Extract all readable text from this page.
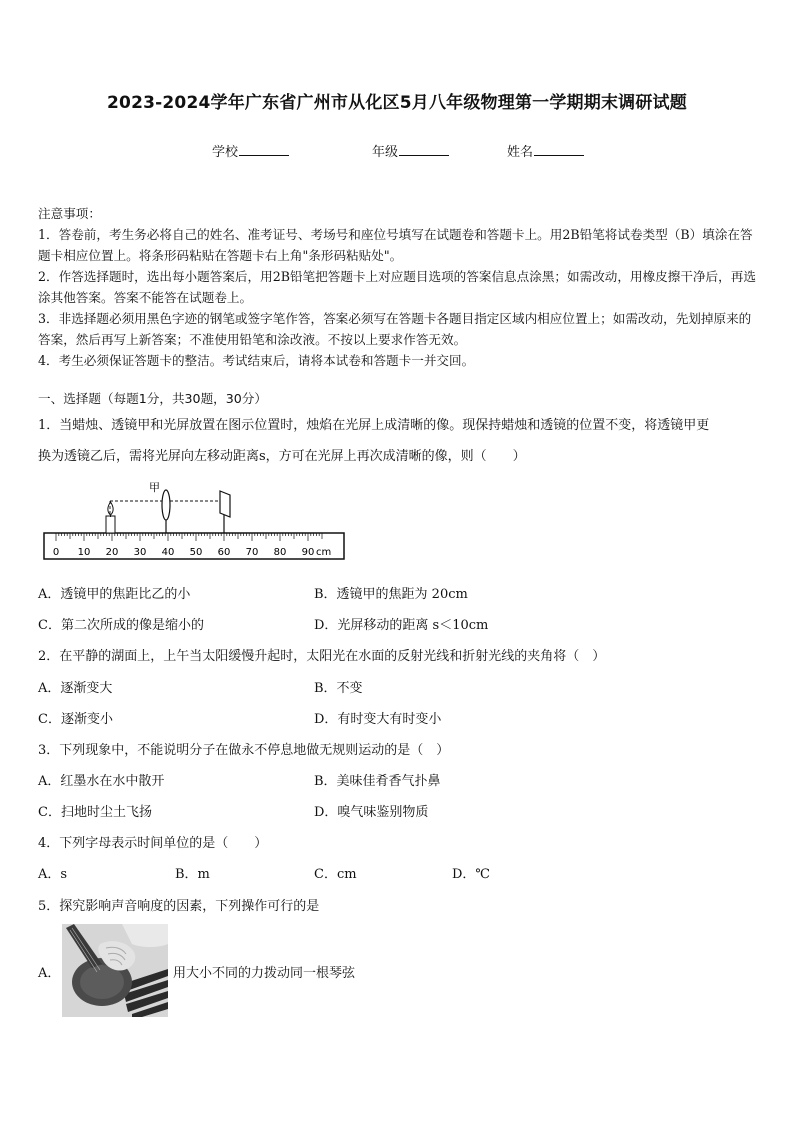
2023-2024学年广东省广州市从化区5月八年级物理第一学期期末调研试题
学校	年级	姓名

注意事项：

1．答卷前，考生务必将自己的姓名、准考证号、考场号和座位号填写在试题卷和答题卡上。用2B铅笔将试卷类型（B）填涂在答题卡相应位置上。将条形码粘贴在答题卡右上角"条形码粘贴处"。

2．作答选择题时，选出每小题答案后，用2B铅笔把答题卡上对应题目选项的答案信息点涂黑；如需改动，用橡皮擦干净后，再选涂其他答案。答案不能答在试题卷上。

3．非选择题必须用黑色字迹的钢笔或签字笔作答，答案必须写在答题卡各题目指定区域内相应位置上；如需改动，先划掉原来的答案，然后再写上新答案；不准使用铅笔和涂改液。不按以上要求作答无效。

4．考生必须保证答题卡的整洁。考试结束后，请将本试卷和答题卡一并交回。

一、选择题（每题1分，共30题，30分）

1．当蜡烛、透镜甲和光屏放置在图示位置时，烛焰在光屏上成清晰的像。现保持蜡烛和透镜的位置不变，将透镜甲更

换为透镜乙后，需将光屏向左移动距离s，方可在光屏上再次成清晰的像，则（　　）

0 10 20 30 40 50 60 70 80 90 cm
甲
A．透镜甲的焦距比乙的小	B．透镜甲的焦距为 20cm
C．第二次所成的像是缩小的	D．光屏移动的距离 s＜10cm
2．在平静的湖面上，上午当太阳缓慢升起时，太阳光在水面的反射光线和折射光线的夹角将（　）
A．逐渐变大	B．不变
C．逐渐变小	D．有时变大有时变小
3．下列现象中，不能说明分子在做永不停息地做无规则运动的是（　）
A．红墨水在水中散开	B．美味佳肴香气扑鼻
C．扫地时尘土飞扬	D．嗅气味鉴别物质
4．下列字母表示时间单位的是（　　）
A．s	B．m	C．cm	D．℃
5．探究影响声音响度的因素，下列操作可行的是
A．	用大小不同的力拨动同一根琴弦
